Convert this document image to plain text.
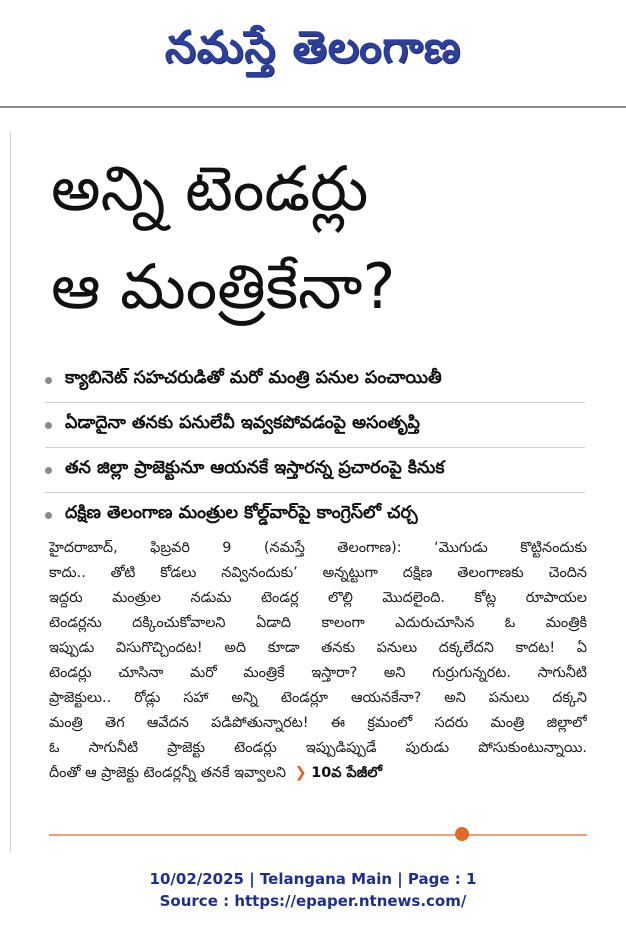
నమస్తే తెలంగాణ
అన్ని టెండర్లు
ఆ మంత్రికేనా?
క్యాబినెట్ సహచరుడితో మరో మంత్రి పనుల పంచాయితీ
ఏడాదైనా తనకు పనులేవీ ఇవ్వకపోవడంపై అసంతృప్తి
తన జిల్లా ప్రాజెక్టునూ ఆయనకే ఇస్తారన్న ప్రచారంపై కినుక
దక్షిణ తెలంగాణ మంత్రుల కోల్డ్‌వార్‌పై కాంగ్రెస్‌లో చర్చ
హైదరాబాద్, ఫిబ్రవరి 9 (నమస్తే తెలంగాణ): ‘మొగుడు కొట్టినందుకు
కాదు.. తోటి కోడలు నవ్వినందుకు’ అన్నట్టుగా దక్షిణ తెలంగాణకు చెందిన
ఇద్దరు మంత్రుల నడుమ టెండర్ల లొల్లి మొదలైంది. కోట్ల రూపాయల
టెండర్లను దక్కించుకోవాలని ఏడాది కాలంగా ఎదురుచూసిన ఓ మంత్రికి
ఇప్పుడు విసుగొచ్చిందట! అది కూడా తనకు పనులు దక్కలేదని కాదట! ఏ
టెండర్లు చూసినా మరో మంత్రికే ఇస్తారా? అని గుర్రుగున్నరట. సాగునీటి
ప్రాజెక్టులు.. రోడ్లు సహా అన్ని టెండర్లూ ఆయనకేనా? అని పనులు దక్కని
మంత్రి తెగ ఆవేదన పడిపోతున్నారట! ఈ క్రమంలో సదరు మంత్రి జిల్లాలో
ఓ సాగునీటి ప్రాజెక్టు టెండర్లు ఇప్పుడిప్పుడే పురుడు పోసుకుంటున్నాయి.
దీంతో ఆ ప్రాజెక్టు టెండర్లన్నీ తనకే ఇవ్వాలని ❯ 10వ పేజీలో
10/02/2025 | Telangana Main | Page : 1
Source : https://epaper.ntnews.com/
